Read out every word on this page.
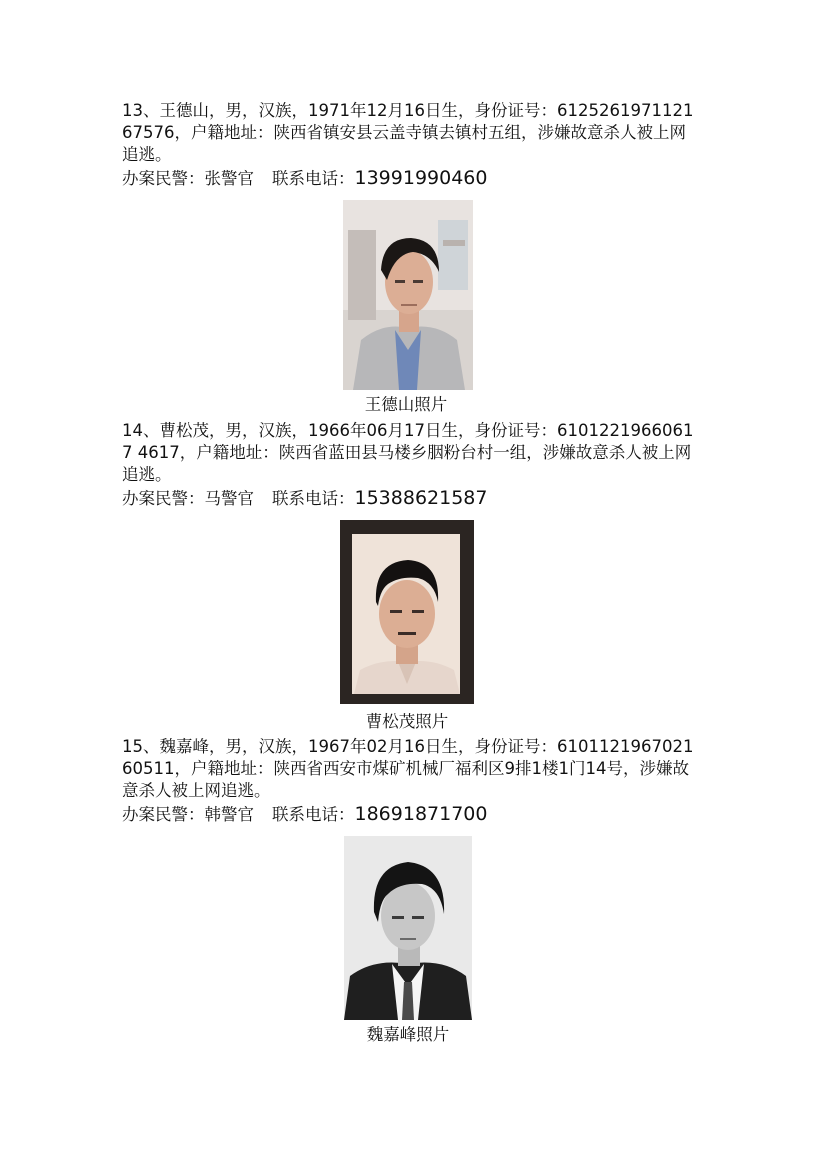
13、王德山，男，汉族，1971年12月16日生，身份证号：612526197112167576，户籍地址：陕西省镇安县云盖寺镇去镇村五组，涉嫌故意杀人被上网追逃。

办案民警：张警官 联系电话：13991990460

王德山照片

14、曹松茂，男，汉族，1966年06月17日生，身份证号：61012219660617 4617，户籍地址：陕西省蓝田县马楼乡胭粉台村一组，涉嫌故意杀人被上网追逃。

办案民警：马警官 联系电话：15388621587

曹松茂照片

15、魏嘉峰，男，汉族，1967年02月16日生，身份证号：610112196702160511，户籍地址：陕西省西安市煤矿机械厂福利区9排1楼1门14号，涉嫌故意杀人被上网追逃。

办案民警：韩警官 联系电话：18691871700

魏嘉峰照片
